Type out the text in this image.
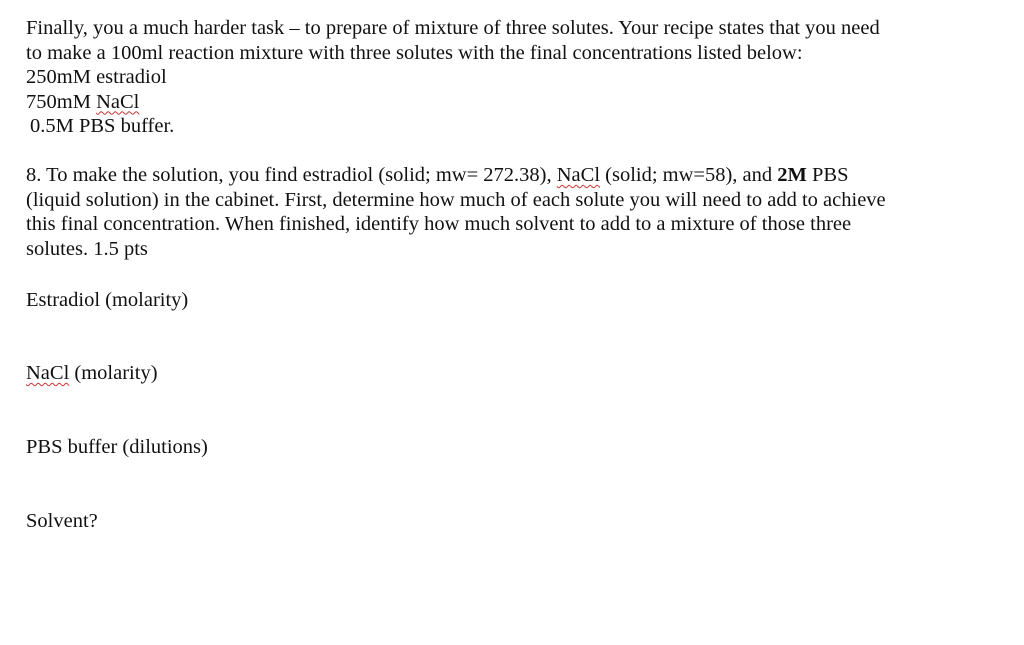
Finally, you a much harder task – to prepare of mixture of three solutes. Your recipe states that you need
to make a 100ml reaction mixture with three solutes with the final concentrations listed below:
250mM estradiol
750mM NaCl
0.5M PBS buffer.
8. To make the solution, you find estradiol (solid; mw= 272.38), NaCl (solid; mw=58), and 2M PBS
(liquid solution) in the cabinet. First, determine how much of each solute you will need to add to achieve
this final concentration. When finished, identify how much solvent to add to a mixture of those three
solutes. 1.5 pts
Estradiol (molarity)
NaCl (molarity)
PBS buffer (dilutions)
Solvent?
